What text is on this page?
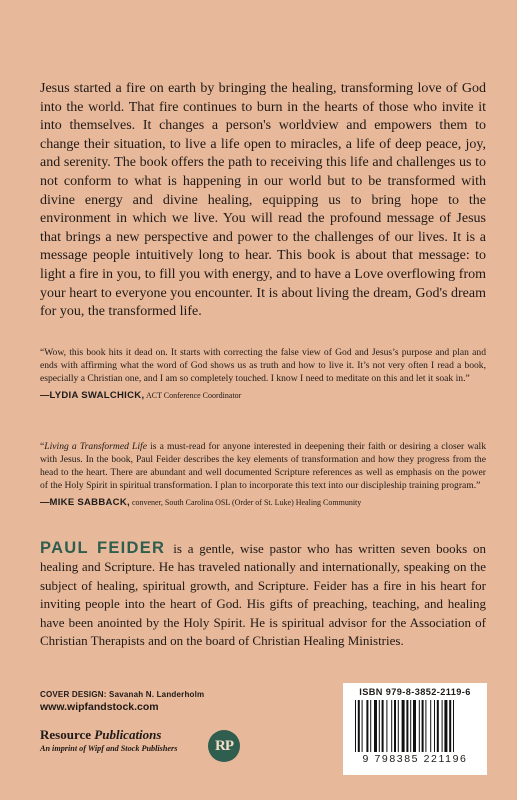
Jesus started a fire on earth by bringing the healing, transforming love of God into the world. That fire continues to burn in the hearts of those who invite it into themselves. It changes a person's worldview and empowers them to change their situation, to live a life open to miracles, a life of deep peace, joy, and serenity. The book offers the path to receiving this life and challenges us to not conform to what is happening in our world but to be transformed with divine energy and divine healing, equipping us to bring hope to the environment in which we live. You will read the profound message of Jesus that brings a new perspective and power to the challenges of our lives. It is a message people intuitively long to hear. This book is about that message: to light a fire in you, to fill you with energy, and to have a Love overflowing from your heart to everyone you encounter. It is about living the dream, God's dream for you, the transformed life.

“Wow, this book hits it dead on. It starts with correcting the false view of God and Jesus’s purpose and plan and ends with affirming what the word of God shows us as truth and how to live it. It’s not very often I read a book, especially a Christian one, and I am so completely touched. I know I need to meditate on this and let it soak in.”
—LYDIA SWALCHICK, ACT Conference Coordinator
“Living a Transformed Life is a must-read for anyone interested in deepening their faith or desiring a closer walk with Jesus. In the book, Paul Feider describes the key elements of transformation and how they progress from the head to the heart. There are abundant and well documented Scripture references as well as emphasis on the power of the Holy Spirit in spiritual transformation. I plan to incorporate this text into our discipleship training program.”
—MIKE SABBACK, convener, South Carolina OSL (Order of St. Luke) Healing Community

PAUL FEIDER is a gentle, wise pastor who has written seven books on healing and Scripture. He has traveled nationally and internationally, speaking on the subject of healing, spiritual growth, and Scripture. Feider has a fire in his heart for inviting people into the heart of God. His gifts of preaching, teaching, and healing have been anointed by the Holy Spirit. He is spiritual advisor for the Association of Christian Therapists and on the board of Christian Healing Ministries.

COVER DESIGN: Savanah N. Landerholm
www.wipfandstock.com
Resource Publications
An imprint of Wipf and Stock Publishers	RP
ISBN 979-8-3852-2119-6
9 798385 221196
